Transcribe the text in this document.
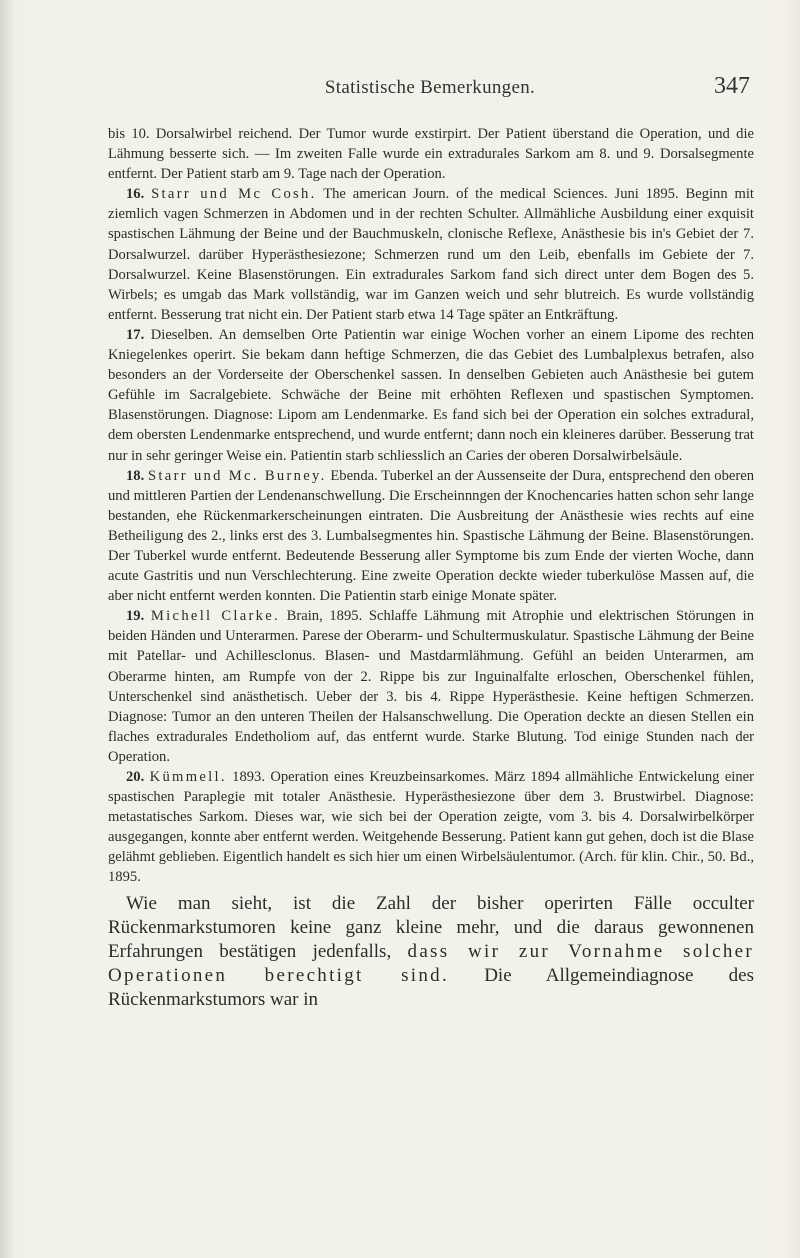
Statistische Bemerkungen.	347

bis 10. Dorsalwirbel reichend. Der Tumor wurde exstirpirt. Der Patient überstand die Operation, und die Lähmung besserte sich. — Im zweiten Falle wurde ein extradurales Sarkom am 8. und 9. Dorsalsegmente entfernt. Der Patient starb am 9. Tage nach der Operation.

16. Starr und Mc Cosh. The american Journ. of the medical Sciences. Juni 1895. Beginn mit ziemlich vagen Schmerzen in Abdomen und in der rechten Schulter. Allmähliche Ausbildung einer exquisit spastischen Lähmung der Beine und der Bauchmuskeln, clonische Reflexe, Anästhesie bis in's Gebiet der 7. Dorsalwurzel. darüber Hyperästhesiezone; Schmerzen rund um den Leib, ebenfalls im Gebiete der 7. Dorsalwurzel. Keine Blasenstörungen. Ein extradurales Sarkom fand sich direct unter dem Bogen des 5. Wirbels; es umgab das Mark vollständig, war im Ganzen weich und sehr blutreich. Es wurde vollständig entfernt. Besserung trat nicht ein. Der Patient starb etwa 14 Tage später an Entkräftung.

17. Dieselben. An demselben Orte Patientin war einige Wochen vorher an einem Lipome des rechten Kniegelenkes operirt. Sie bekam dann heftige Schmerzen, die das Gebiet des Lumbalplexus betrafen, also besonders an der Vorderseite der Oberschenkel sassen. In denselben Gebieten auch Anästhesie bei gutem Gefühle im Sacralgebiete. Schwäche der Beine mit erhöhten Reflexen und spastischen Symptomen. Blasenstörungen. Diagnose: Lipom am Lendenmarke. Es fand sich bei der Operation ein solches extradural, dem obersten Lendenmarke entsprechend, und wurde entfernt; dann noch ein kleineres darüber. Besserung trat nur in sehr geringer Weise ein. Patientin starb schliesslich an Caries der oberen Dorsalwirbelsäule.

18. Starr und Mc. Burney. Ebenda. Tuberkel an der Aussenseite der Dura, entsprechend den oberen und mittleren Partien der Lendenanschwellung. Die Erscheinnngen der Knochencaries hatten schon sehr lange bestanden, ehe Rückenmarkerscheinungen eintraten. Die Ausbreitung der Anästhesie wies rechts auf eine Betheiligung des 2., links erst des 3. Lumbalsegmentes hin. Spastische Lähmung der Beine. Blasenstörungen. Der Tuberkel wurde entfernt. Bedeutende Besserung aller Symptome bis zum Ende der vierten Woche, dann acute Gastritis und nun Verschlechterung. Eine zweite Operation deckte wieder tuberkulöse Massen auf, die aber nicht entfernt werden konnten. Die Patientin starb einige Monate später.

19. Michell Clarke. Brain, 1895. Schlaffe Lähmung mit Atrophie und elektrischen Störungen in beiden Händen und Unterarmen. Parese der Oberarm- und Schultermuskulatur. Spastische Lähmung der Beine mit Patellar- und Achillesclonus. Blasen- und Mastdarmlähmung. Gefühl an beiden Unterarmen, am Oberarme hinten, am Rumpfe von der 2. Rippe bis zur Inguinalfalte erloschen, Oberschenkel fühlen, Unterschenkel sind anästhetisch. Ueber der 3. bis 4. Rippe Hyperästhesie. Keine heftigen Schmerzen. Diagnose: Tumor an den unteren Theilen der Halsanschwellung. Die Operation deckte an diesen Stellen ein flaches extradurales Endetholiom auf, das entfernt wurde. Starke Blutung. Tod einige Stunden nach der Operation.

20. Kümmell. 1893. Operation eines Kreuzbeinsarkomes. März 1894 allmähliche Entwickelung einer spastischen Paraplegie mit totaler Anästhesie. Hyperästhesiezone über dem 3. Brustwirbel. Diagnose: metastatisches Sarkom. Dieses war, wie sich bei der Operation zeigte, vom 3. bis 4. Dorsalwirbelkörper ausgegangen, konnte aber entfernt werden. Weitgehende Besserung. Patient kann gut gehen, doch ist die Blase gelähmt geblieben. Eigentlich handelt es sich hier um einen Wirbelsäulentumor. (Arch. für klin. Chir., 50. Bd., 1895.

Wie man sieht, ist die Zahl der bisher operirten Fälle occulter Rückenmarkstumoren keine ganz kleine mehr, und die daraus gewonnenen Erfahrungen bestätigen jedenfalls, dass wir zur Vornahme solcher Operationen berechtigt sind. Die Allgemeindiagnose des Rückenmarkstumors war in
